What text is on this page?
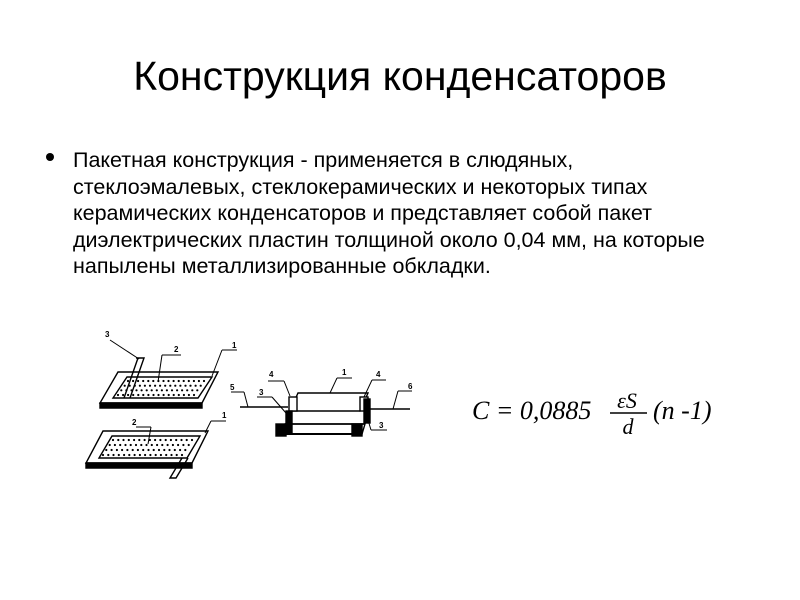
Конструкция конденсаторов
Пакетная конструкция - применяется в слюдяных, стеклоэмалевых, стеклокерамических и некоторых типах керамических конденсаторов и представляет собой пакет диэлектрических пластин толщиной около 0,04 мм, на которые напылены металлизированные обкладки.
3
2	1
2
1
4	1	4
5
3
6
3
C = 0,0885 εS
d
(n -1)
